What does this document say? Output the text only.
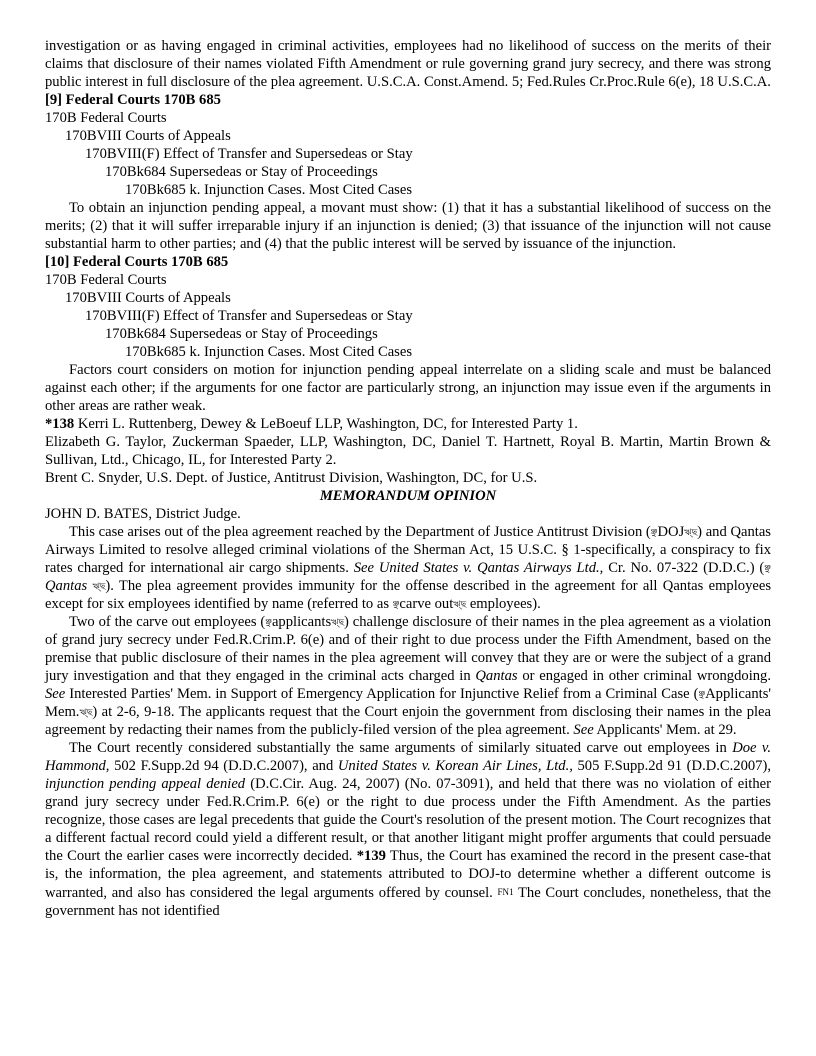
investigation or as having engaged in criminal activities, employees had no likelihood of success on the merits of their claims that disclosure of their names violated Fifth Amendment or rule governing grand jury secrecy, and there was strong public interest in full disclosure of the plea agreement. U.S.C.A. Const.Amend. 5; Fed.Rules Cr.Proc.Rule 6(e), 18 U.S.C.A.

[9] Federal Courts 170B 685
170B Federal Courts
170BVIII Courts of Appeals
170BVIII(F) Effect of Transfer and Supersedeas or Stay
170Bk684 Supersedeas or Stay of Proceedings
170Bk685 k. Injunction Cases. Most Cited Cases

To obtain an injunction pending appeal, a movant must show: (1) that it has a substantial likelihood of success on the merits; (2) that it will suffer irreparable injury if an injunction is denied; (3) that issuance of the injunction will not cause substantial harm to other parties; and (4) that the public interest will be served by issuance of the injunction.

[10] Federal Courts 170B 685
170B Federal Courts
170BVIII Courts of Appeals
170BVIII(F) Effect of Transfer and Supersedeas or Stay
170Bk684 Supersedeas or Stay of Proceedings
170Bk685 k. Injunction Cases. Most Cited Cases

Factors court considers on motion for injunction pending appeal interrelate on a sliding scale and must be balanced against each other; if the arguments for one factor are particularly strong, an injunction may issue even if the arguments in other areas are rather weak.

*138 Kerri L. Ruttenberg, Dewey & LeBoeuf LLP, Washington, DC, for Interested Party 1.

Elizabeth G. Taylor, Zuckerman Spaeder, LLP, Washington, DC, Daniel T. Hartnett, Royal B. Martin, Martin Brown & Sullivan, Ltd., Chicago, IL, for Interested Party 2.

Brent C. Snyder, U.S. Dept. of Justice, Antitrust Division, Washington, DC, for U.S.

MEMORANDUM OPINION
JOHN D. BATES, District Judge.

This case arises out of the plea agreement reached by the Department of Justice Antitrust Division (ঞ্ছDOJঋ্ছ) and Qantas Airways Limited to resolve alleged criminal violations of the Sherman Act, 15 U.S.C. § 1-specifically, a conspiracy to fix rates charged for international air cargo shipments. See United States v. Qantas Airways Ltd., Cr. No. 07-322 (D.D.C.) (ঞ্ছ Qantas ঋ্ছ). The plea agreement provides immunity for the offense described in the agreement for all Qantas employees except for six employees identified by name (referred to as ঞ্ছcarve outঋ্ছ employees).

Two of the carve out employees (ঞ্ছapplicantsঋ্ছ) challenge disclosure of their names in the plea agreement as a violation of grand jury secrecy under Fed.R.Crim.P. 6(e) and of their right to due process under the Fifth Amendment, based on the premise that public disclosure of their names in the plea agreement will convey that they are or were the subject of a grand jury investigation and that they engaged in the criminal acts charged in Qantas or engaged in other criminal wrongdoing. See Interested Parties' Mem. in Support of Emergency Application for Injunctive Relief from a Criminal Case (ঞ্ছApplicants' Mem.ঋ্ছ) at 2-6, 9-18. The applicants request that the Court enjoin the government from disclosing their names in the plea agreement by redacting their names from the publicly-filed version of the plea agreement. See Applicants' Mem. at 29.

The Court recently considered substantially the same arguments of similarly situated carve out employees in Doe v. Hammond, 502 F.Supp.2d 94 (D.D.C.2007), and United States v. Korean Air Lines, Ltd., 505 F.Supp.2d 91 (D.D.C.2007), injunction pending appeal denied (D.C.Cir. Aug. 24, 2007) (No. 07-3091), and held that there was no violation of either grand jury secrecy under Fed.R.Crim.P. 6(e) or the right to due process under the Fifth Amendment. As the parties recognize, those cases are legal precedents that guide the Court's resolution of the present motion. The Court recognizes that a different factual record could yield a different result, or that another litigant might proffer arguments that could persuade the Court the earlier cases were incorrectly decided. *139 Thus, the Court has examined the record in the present case-that is, the information, the plea agreement, and statements attributed to DOJ-to determine whether a different outcome is warranted, and also has considered the legal arguments offered by counsel. $^{FN1}$ The Court concludes, nonetheless, that the government has not identified
